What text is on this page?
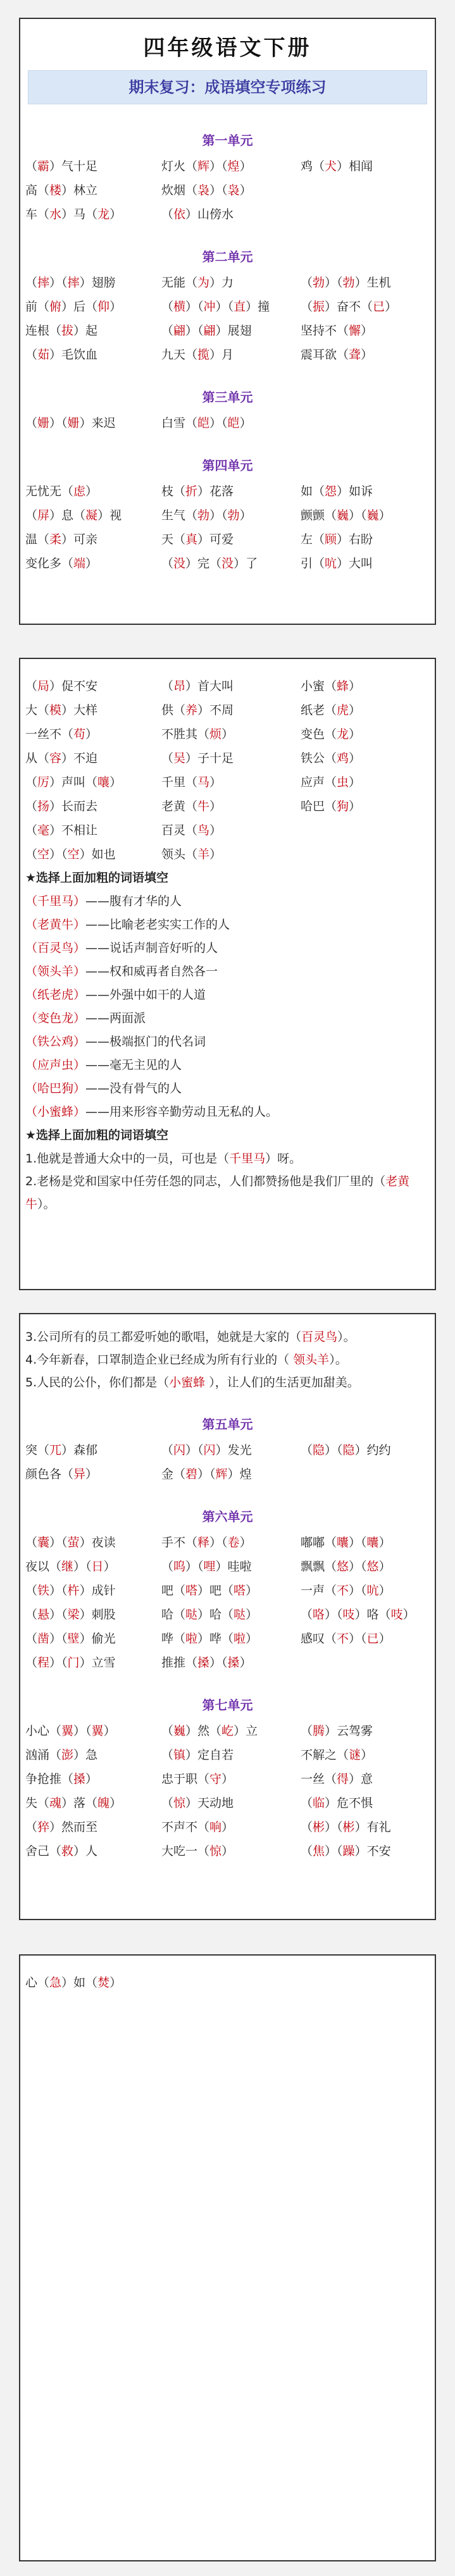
四年级语文下册
期末复习：成语填空专项练习
第一单元
（霸）气十足	灯火（辉）（煌）	鸡（犬）相闻
高（楼）林立	炊烟（袅）（袅）
车（水）马（龙）	（依）山傍水
第二单元
（摔）（摔）翅膀	无能（为）力	（勃）（勃）生机
前（俯）后（仰）	（横）（冲）（直）撞	（振）奋不（已）
连根（拔）起	（翩）（翩）展翅	坚持不（懈）
（茹）毛饮血	九天（揽）月	震耳欲（聋）
第三单元
（姗）（姗）来迟	白雪（皑）（皑）
第四单元
无忧无（虑）	枝（折）花落	如（怨）如诉
（屏）息（凝）视	生气（勃）（勃）	颤颤（巍）（巍）
温（柔）可亲	天（真）可爱	左（顾）右盼
变化多（端）	（没）完（没）了	引（吭）大叫
（局）促不安	（昂）首大叫	小蜜（蜂）
大（模）大样	供（养）不周	纸老（虎）
一丝不（苟）	不胜其（烦）	变色（龙）
从（容）不迫	（吴）子十足	铁公（鸡）
（厉）声叫（嚷）	千里（马）	应声（虫）
（扬）长而去	老黄（牛）	哈巴（狗）
（毫）不相让	百灵（鸟）
（空）（空）如也	领头（羊）
★选择上面加粗的词语填空
（千里马）——腹有才华的人
（老黄牛）——比喻老老实实工作的人
（百灵鸟）——说话声制音好听的人
（领头羊）——权和威再者自然各一
（纸老虎）——外强中如干的人道
（变色龙）——两面派
（铁公鸡）——极端抠门的代名词
（应声虫）——毫无主见的人
（哈巴狗）——没有骨气的人
（小蜜蜂）——用来形容辛勤劳动且无私的人。
★选择上面加粗的词语填空
1.他就是普通大众中的一员，可也是（千里马）呀。
2.老杨是党和国家中任劳任怨的同志，人们都赞扬他是我们厂里的（老黄牛）。
3.公司所有的员工都爱听她的歌唱，她就是大家的（百灵鸟）。
4.今年新春，口罩制造企业已经成为所有行业的（ 领头羊）。
5.人民的公仆，你们都是（小蜜蜂 ），让人们的生活更加甜美。
第五单元
突（兀）森郁	（闪）（闪）发光	（隐）（隐）约约
颜色各（异）	金（碧）（辉）煌
第六单元
（囊）（萤）夜读	手不（释）（卷）	嘟嘟（囔）（囔）
夜以（继）（日）	（呜）（哩）哇啦	飘飘（悠）（悠）
（铁）（杵）成针	吧（嗒）吧（嗒）	一声（不）（吭）
（悬）（梁）刺股	哈（哒）哈（哒）	（咯）（吱）咯（吱）
（凿）（壁）偷光	哗（啦）哗（啦）	感叹（不）（已）
（程）（门）立雪	推推（搡）（搡）
第七单元
小心（翼）（翼）	（巍）然（屹）立	（腾）云驾雾
汹涌（澎）急	（镇）定自若	不解之（谜）
争抢推（搡）	忠于职（守）	一丝（得）意
失（魂）落（魄）	（惊）天动地	（临）危不惧
（猝）然而至	不声不（响）	（彬）（彬）有礼
舍己（救）人	大吃一（惊）	（焦）（躁）不安
心（急）如（焚）
